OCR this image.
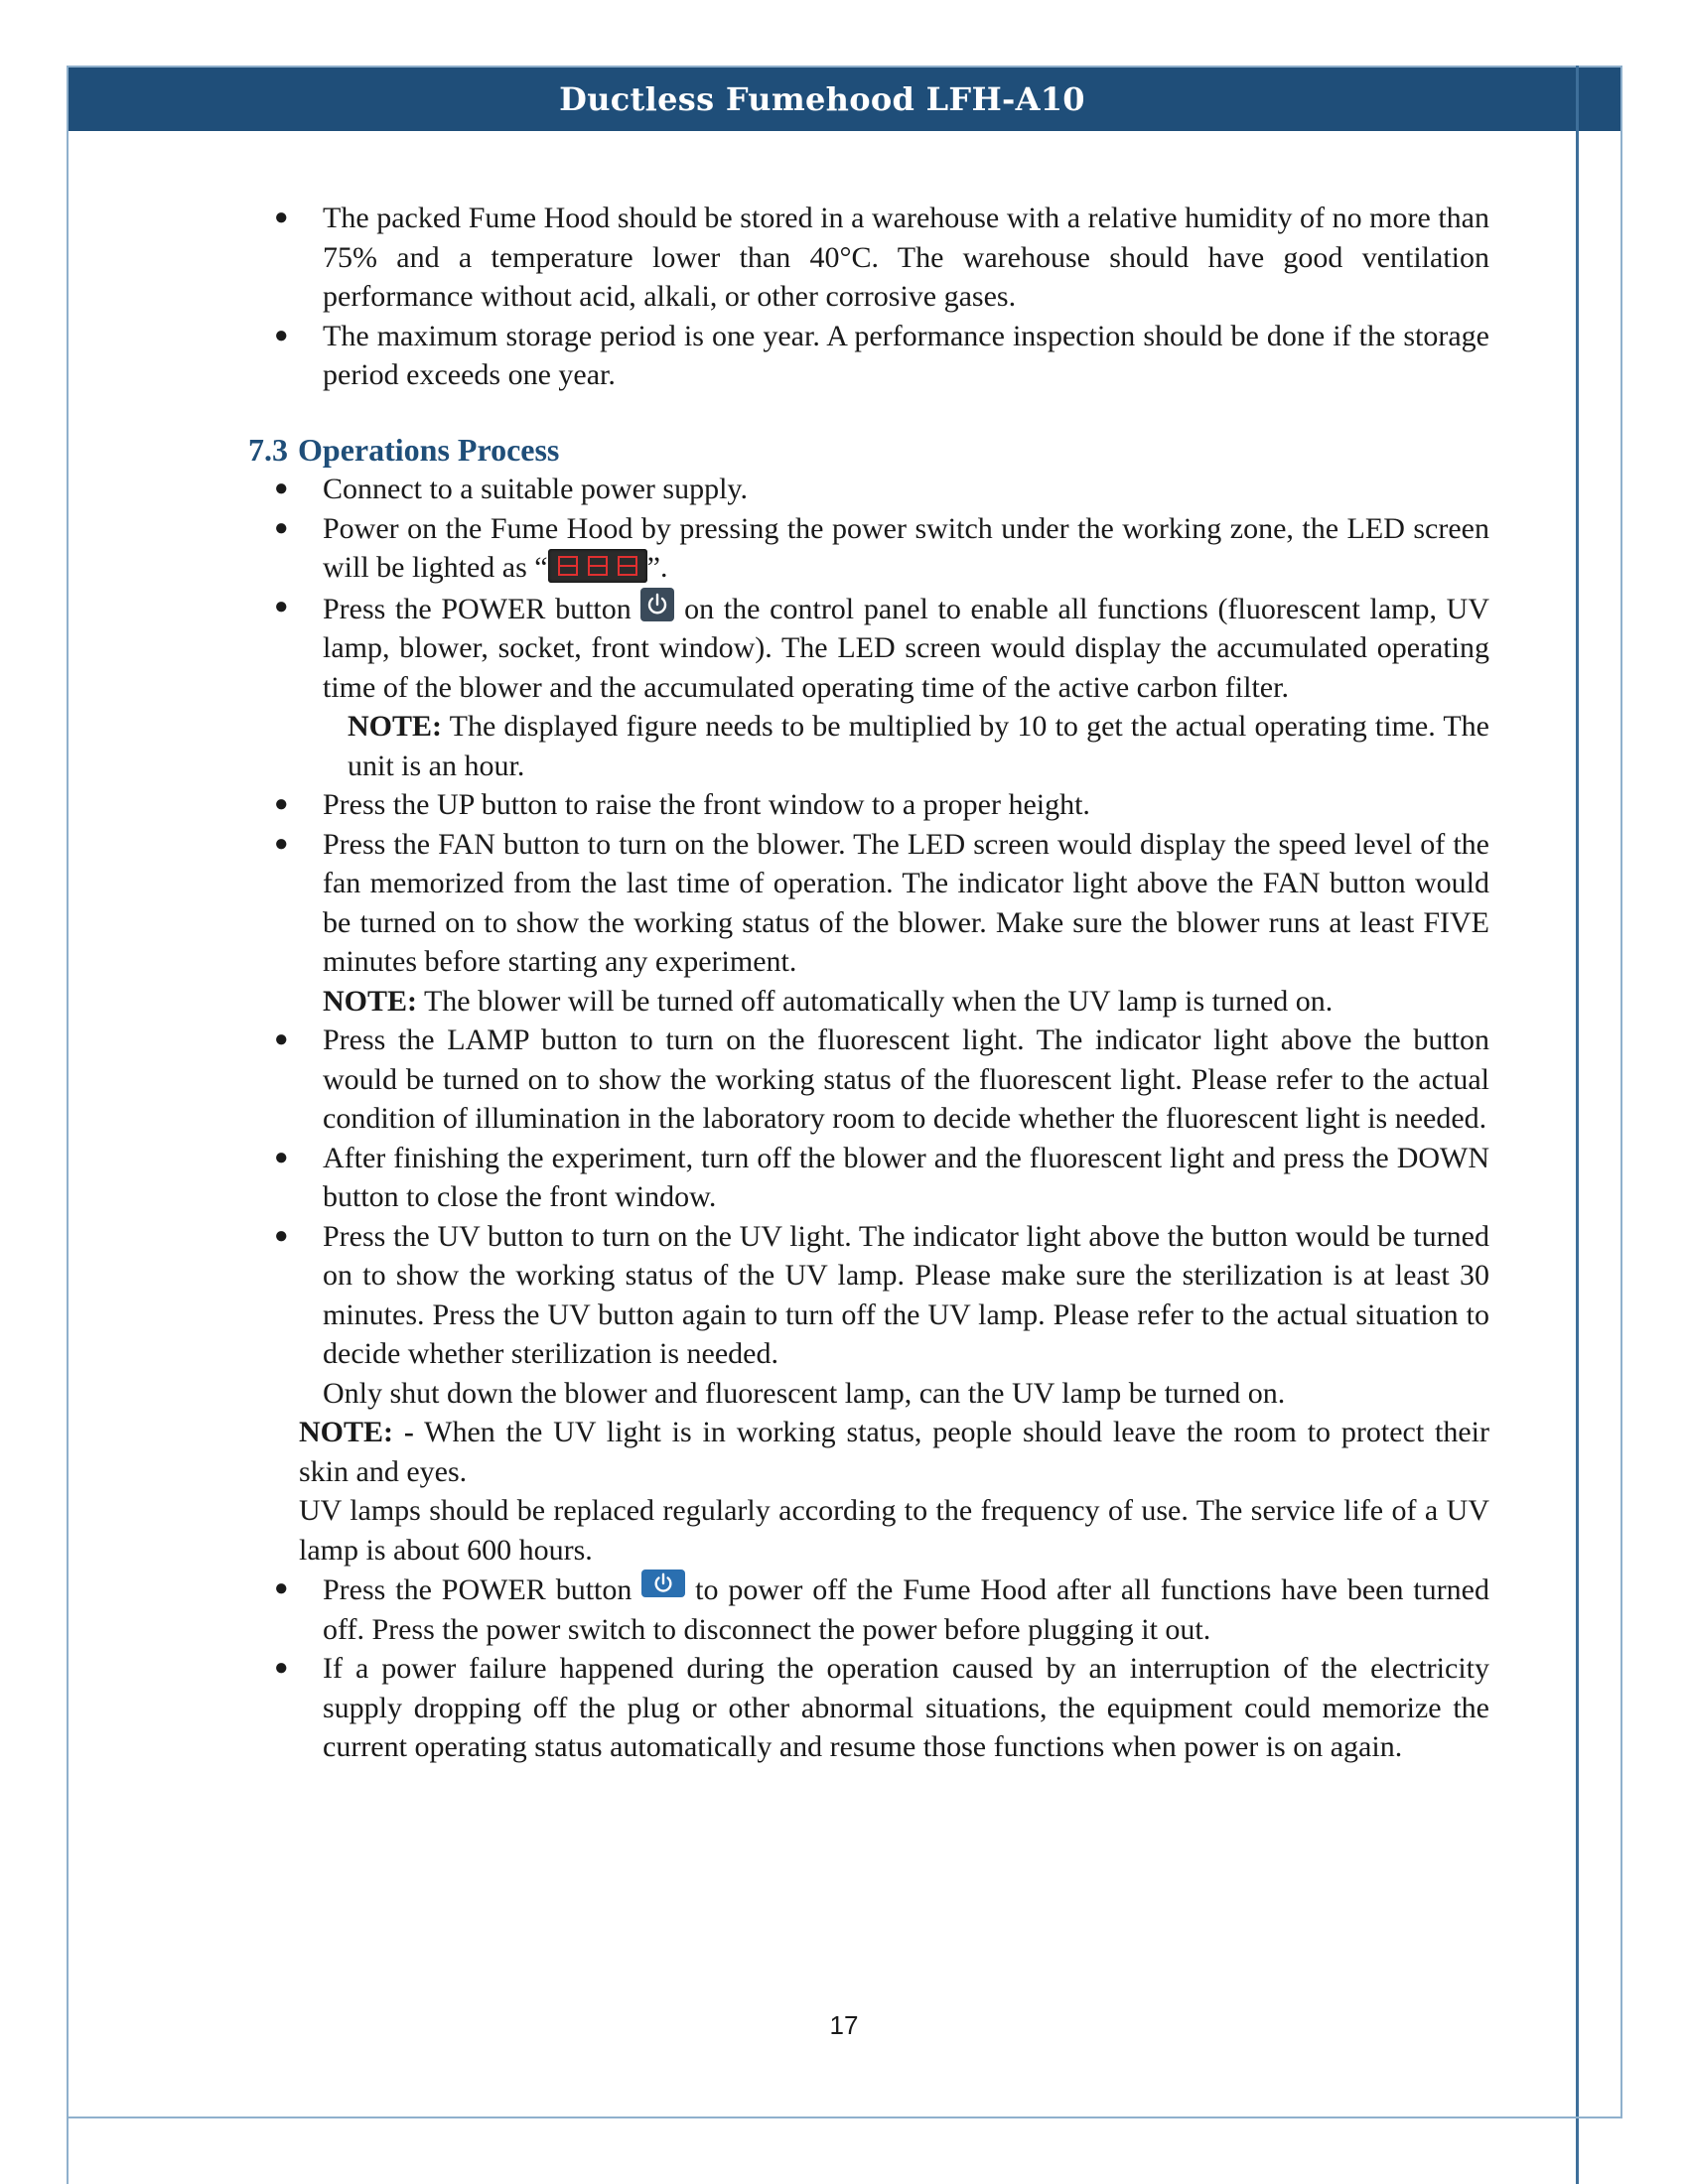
Ductless Fumehood LFH-A10
● The packed Fume Hood should be stored in a warehouse with a relative humidity of no more than 75% and a temperature lower than 40°C. The warehouse should have good ventilation performance without acid, alkali, or other corrosive gases.
● The maximum storage period is one year. A performance inspection should be done if the storage period exceeds one year.
7.3 Operations Process
● Connect to a suitable power supply.
● Power on the Fume Hood by pressing the power switch under the working zone, the LED screen will be lighted as “	”.
● Press the POWER button
on the control panel to enable all functions (fluorescent lamp, UV lamp, blower, socket, front window). The LED screen would display the accumulated operating time of the blower and the accumulated operating time of the active carbon filter.
NOTE: The displayed figure needs to be multiplied by 10 to get the actual operating time. The unit is an hour.
● Press the UP button to raise the front window to a proper height.
● Press the FAN button to turn on the blower. The LED screen would display the speed level of the fan memorized from the last time of operation. The indicator light above the FAN button would be turned on to show the working status of the blower. Make sure the blower runs at least FIVE minutes before starting any experiment.
NOTE: The blower will be turned off automatically when the UV lamp is turned on.
● Press the LAMP button to turn on the fluorescent light. The indicator light above the button would be turned on to show the working status of the fluorescent light. Please refer to the actual condition of illumination in the laboratory room to decide whether the fluorescent light is needed.
● After finishing the experiment, turn off the blower and the fluorescent light and press the DOWN button to close the front window.
● Press the UV button to turn on the UV light. The indicator light above the button would be turned on to show the working status of the UV lamp. Please make sure the sterilization is at least 30 minutes. Press the UV button again to turn off the UV lamp. Please refer to the actual situation to decide whether sterilization is needed.
Only shut down the blower and fluorescent lamp, can the UV lamp be turned on.
NOTE: - When the UV light is in working status, people should leave the room to protect their skin and eyes.
UV lamps should be replaced regularly according to the frequency of use. The service life of a UV lamp is about 600 hours.
● Press the POWER button
to power off the Fume Hood after all functions have been turned off. Press the power switch to disconnect the power before plugging it out.
● If a power failure happened during the operation caused by an interruption of the electricity supply dropping off the plug or other abnormal situations, the equipment could memorize the current operating status automatically and resume those functions when power is on again.
17
